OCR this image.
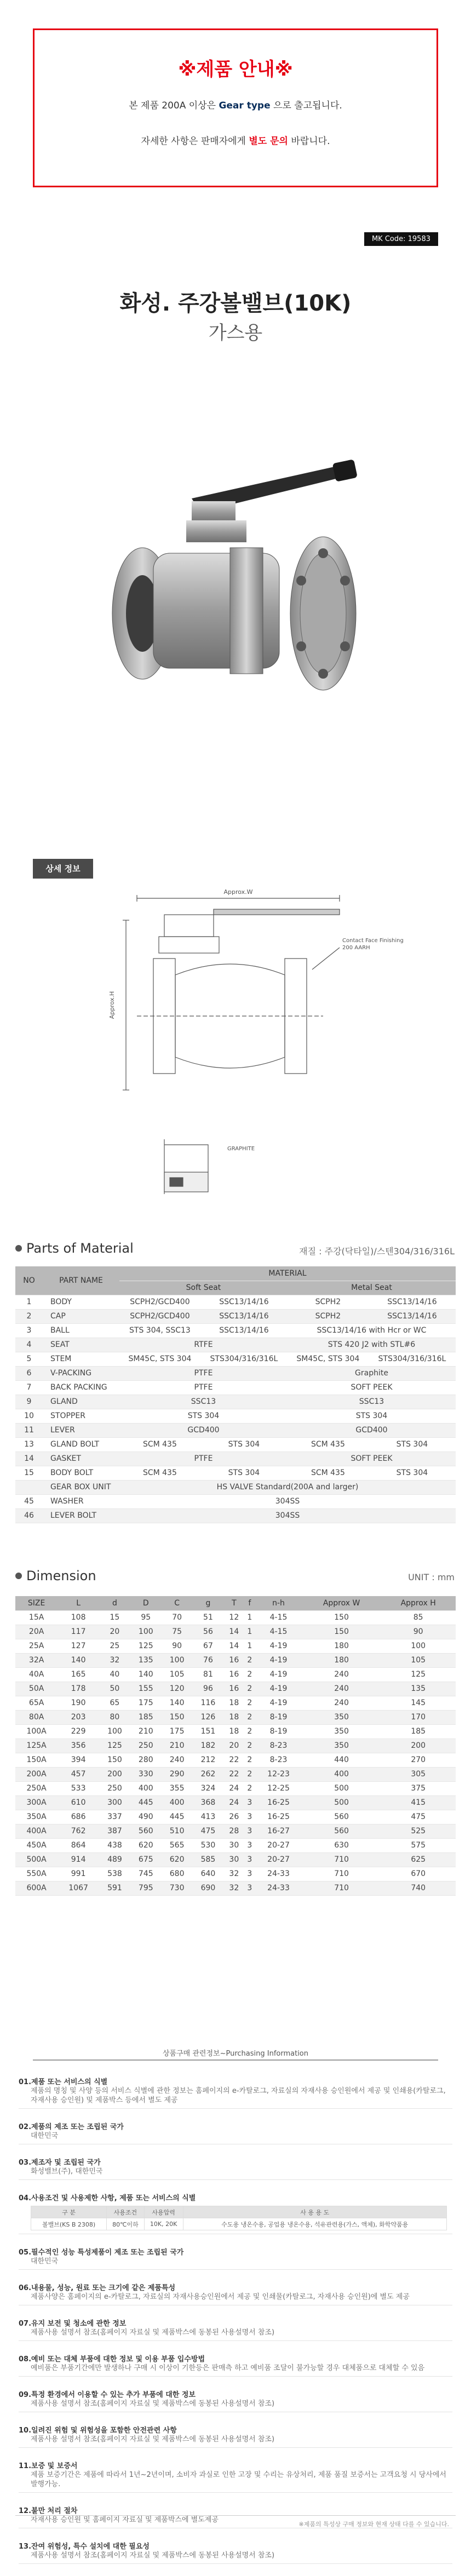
※제품 안내※
본 제품 200A 이상은 Gear type 으로 출고됩니다.
자세한 사항은 판매자에게 별도 문의 바랍니다.
MK Code: 19583
화성. 주강볼밸브(10K)
가스용
상세 정보
Approx.W
Approx.H
Contact Face Finishing
200 AARH
GRAPHITE
Parts of Material	재질 : 주강(닥타일)/스텐304/316/316L
NO	PART NAME	MATERIAL			
		Soft Seat		Metal Seat	
1	BODY	SCPH2/GCD400	SSC13/14/16	SCPH2	SSC13/14/16
2	CAP	SCPH2/GCD400	SSC13/14/16	SCPH2	SSC13/14/16
3	BALL	STS 304, SSC13	SSC13/14/16	SSC13/14/16 with Hcr or WC	
4	SEAT	RTFE		STS 420 J2 with STL#6	
5	STEM	SM45C, STS 304	STS304/316/316L	SM45C, STS 304	STS304/316/316L
6	V-PACKING	PTFE		Graphite	
7	BACK PACKING	PTFE		SOFT PEEK	
9	GLAND	SSC13		SSC13	
10	STOPPER	STS 304		STS 304	
11	LEVER	GCD400		GCD400	
13	GLAND BOLT	SCM 435	STS 304	SCM 435	STS 304
14	GASKET	PTFE		SOFT PEEK	
15	BODY BOLT	SCM 435	STS 304	SCM 435	STS 304
	GEAR BOX UNIT	HS VALVE Standard(200A and larger)			
45	WASHER	304SS			
46	LEVER BOLT	304SS			
Dimension	UNIT : mm
SIZE	L	d	D	C	g	T	f	n-h	Approx W	Approx H
15A	108	15	95	70	51	12	1	4-15	150	85
20A	117	20	100	75	56	14	1	4-15	150	90
25A	127	25	125	90	67	14	1	4-19	180	100
32A	140	32	135	100	76	16	2	4-19	180	105
40A	165	40	140	105	81	16	2	4-19	240	125
50A	178	50	155	120	96	16	2	4-19	240	135
65A	190	65	175	140	116	18	2	4-19	240	145
80A	203	80	185	150	126	18	2	8-19	350	170
100A	229	100	210	175	151	18	2	8-19	350	185
125A	356	125	250	210	182	20	2	8-23	350	200
150A	394	150	280	240	212	22	2	8-23	440	270
200A	457	200	330	290	262	22	2	12-23	400	305
250A	533	250	400	355	324	24	2	12-25	500	375
300A	610	300	445	400	368	24	3	16-25	500	415
350A	686	337	490	445	413	26	3	16-25	560	475
400A	762	387	560	510	475	28	3	16-27	560	525
450A	864	438	620	565	530	30	3	20-27	630	575
500A	914	489	675	620	585	30	3	20-27	710	625
550A	991	538	745	680	640	32	3	24-33	710	670
600A	1067	591	795	730	690	32	3	24-33	710	740
상품구매 관련정보~Purchasing Information
01.제품 또는 서비스의 식별
제품의 명칭 및 사양 등의 서비스 식별에 관한 정보는 홈페이지의 e-카탈로그, 자료실의 자재사용 승인원에서 제공 및 인쇄용(카탈로그, 자재사용 승인원) 및 제품박스 등에서 별도 제공
02.제품의 제조 또는 조립된 국가
대한민국
03.제조자 및 조립된 국가
화성밸브(주), 대한민국
04.사용조건 및 사용제한 사항, 제품 또는 서비스의 식별
구 분	사용조건	사용압력	사 용 용 도
볼밸브(KS B 2308)	80℃이하	10K, 20K	수도용 냉온수용, 공업용 냉온수용, 석유관련용(가스, 액체), 화학약품용
05.필수적인 성능 특성제품이 제조 또는 조립된 국가
대한민국
06.내용물, 성능, 원료 또는 크기에 같은 제품특성
제품사양은 홈페이지의 e-카탈로그, 자료실의 자재사용승인원에서 제공 및 인쇄물(카탈로그, 자재사용 승인원)에 별도 제공
07.유지 보전 및 청소에 관한 정보
제품사용 설명서 참조(홈페이지 자료실 및 제품박스에 동봉된 사용설명서 참조)
08.예비 또는 대체 부품에 대한 정보 및 이용 부품 입수방법
예비품은 부품기간에만 발생하나 구매 시 이상이 기한등은 판매측 하고 예비품 조달이 불가능할 경우 대체품으로 대체할 수 있음
09.특정 환경에서 이용할 수 있는 추가 부품에 대한 정보
제품사용 설명서 참조(홈페이지 자료실 및 제품박스에 동봉된 사용설명서 참조)
10.일려진 위험 및 위험성을 포함한 안전관련 사항
제품사용 설명서 참조(홈페이지 자료실 및 제품박스에 동봉된 사용설명서 참조)
11.보증 및 보증서
제품 보증기간은 제품에 따라서 1년~2년이며, 소비자 과실로 인한 고장 및 수리는 유상처리, 제품 품질 보증서는 고객요청 시 당사에서 발행가능.
12.불만 처리 절차
자재사용 승인원 및 홈페이지 자료실 및 제품박스에 별도제공
13.잔여 위험성, 특수 설치에 대한 필요성
제품사용 설명서 참조(홈페이지 자료실 및 제품박스에 동봉된 사용설명서 참조)
※제품의 특성상 구매 정보와 현재 상태 다를 수 있습니다.
